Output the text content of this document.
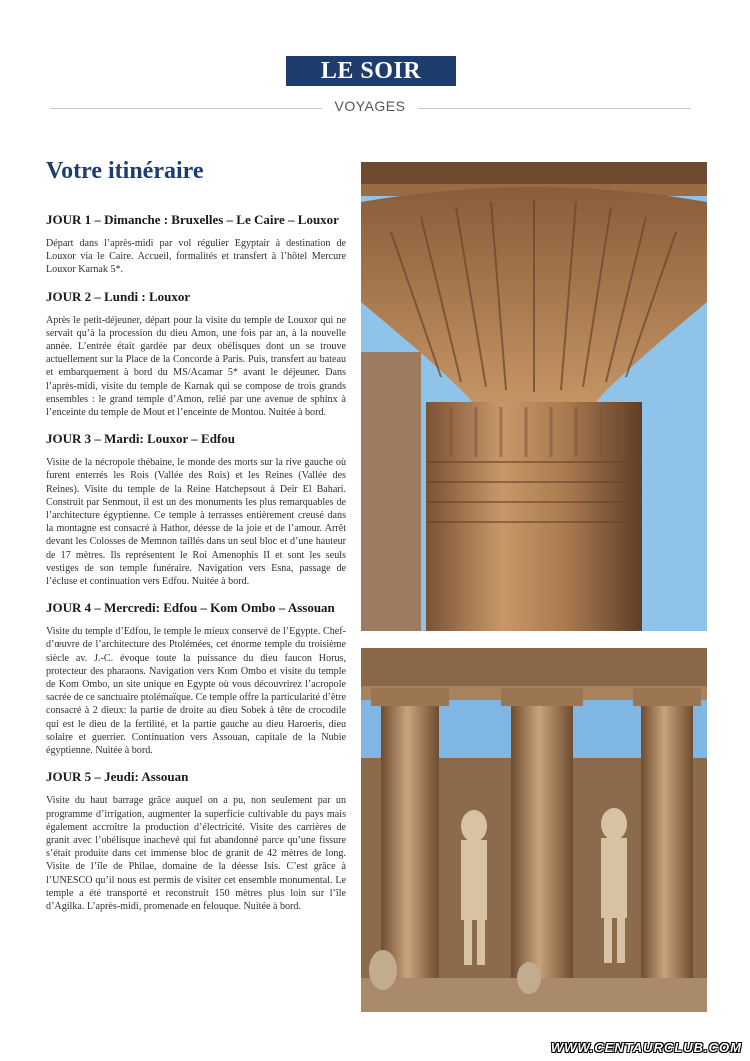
LE SOIR
VOYAGES
Votre itinéraire
JOUR 1 – Dimanche : Bruxelles – Le Caire – Louxor

Départ dans l’après-midi par vol régulier Egyptair à destination de Louxor via le Caire. Accueil, formalités et transfert à l’hôtel Mercure Louxor Karnak 5*.

JOUR 2 – Lundi : Louxor

Après le petit-déjeuner, départ pour la visite du temple de Louxor qui ne servait qu’à la procession du dieu Amon, une fois par an, à la nouvelle année. L’entrée était gardée par deux obélisques dont un se trouve actuellement sur la Place de la Concorde à Paris. Puis, transfert au bateau et embarquement à bord du MS/Acamar 5* avant le déjeuner. Dans l’après-midi, visite du temple de Karnak qui se compose de trois grands ensembles : le grand temple d’Amon, relié par une avenue de sphinx à l’enceinte du temple de Mout et l’enceinte de Montou. Nuitée à bord.

JOUR 3 – Mardi: Louxor – Edfou

Visite de la nécropole thébaine, le monde des morts sur la rive gauche où furent enterrés les Rois (Vallée des Rois) et les Reines (Vallée des Reines). Visite du temple de la Reine Hatchepsout à Deir El Bahari. Construit par Senmout, il est un des monuments les plus remarquables de l’architecture égyptienne. Ce temple à terrasses entièrement creusé dans la montagne est consacré à Hathor, déesse de la joie et de l’amour. Arrêt devant les Colosses de Memnon taillés dans un seul bloc et d’une hauteur de 17 mètres. Ils représentent le Roi Amenophis II et sont les seuls vestiges de son temple funéraire. Navigation vers Esna, passage de l’écluse et continuation vers Edfou. Nuitée à bord.

JOUR 4 – Mercredi: Edfou – Kom Ombo – Assouan

Visite du temple d’Edfou, le temple le mieux conservé de l’Egypte. Chef-d’œuvre de l’architecture des Ptolémées, cet énorme temple du troisième siècle av. J.-C. évoque toute la puissance du dieu faucon Horus, protecteur des pharaons. Navigation vers Kom Ombo et visite du temple de Kom Ombo, un site unique en Egypte où vous découvrirez l’acropole sacrée de ce sanctuaire ptolémaïque. Ce temple offre la particularité d’être consacré à 2 dieux: la partie de droite au dieu Sobek à tête de crocodile qui est le dieu de la fertilité, et la partie gauche au dieu Haroeris, dieu solaire et guerrier. Continuation vers Assouan, capitale de la Nubie égyptienne. Nuitée à bord.

JOUR 5 – Jeudi: Assouan

Visite du haut barrage grâce auquel on a pu, non seulement par un programme d’irrigation, augmenter la superficie cultivable du pays mais également accroître la production d’électricité. Visite des carrières de granit avec l’obélisque inachevé qui fut abandonné parce qu’une fissure s’était produite dans cet immense bloc de granit de 42 mètres de long. Visite de l’île de Philae, domaine de la déesse Isis. C’est grâce à l’UNESCO qu’il nous est permis de visiter cet ensemble monumental. Le temple a été transporté et reconstruit 150 mètres plus loin sur l’île d’Agilka. L’après-midi, promenade en felouque. Nuitée à bord.

WWW.CENTAURCLUB.COM
